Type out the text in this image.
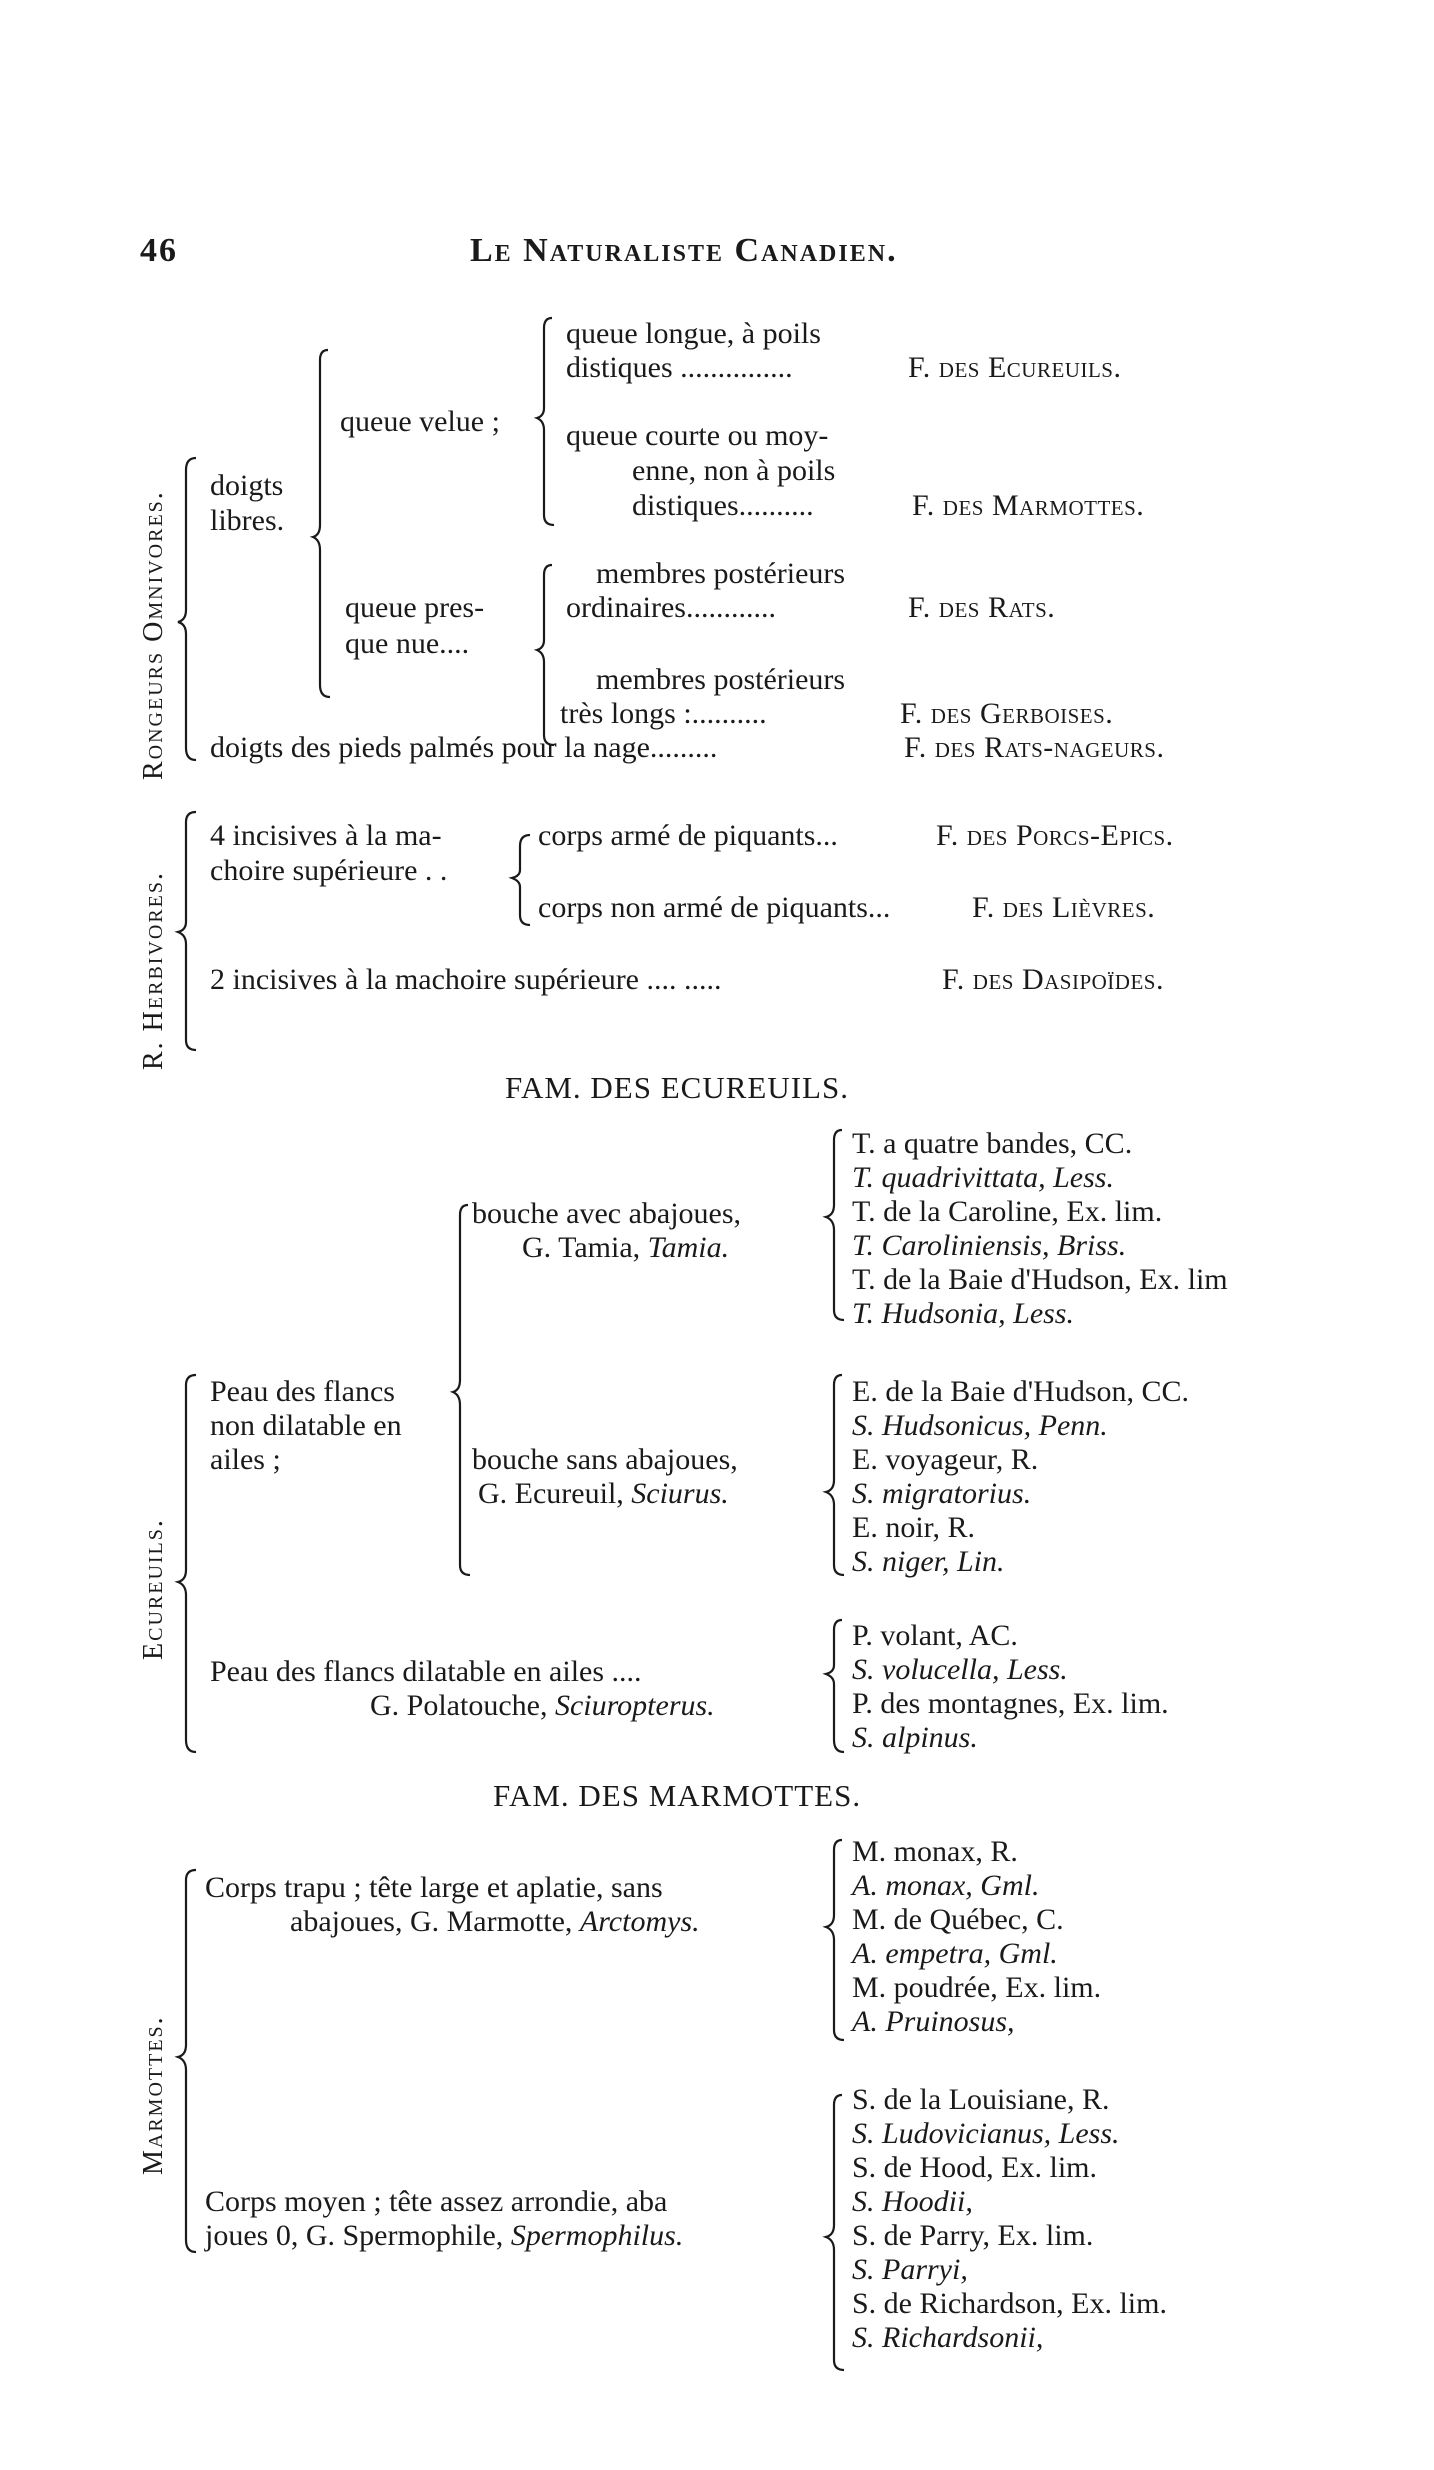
46	Le Naturaliste Canadien.
Rongeurs Omnivores.
R. Herbivores.
Ecureuils.
Marmottes.
doigts
libres.
queue velue ;
queue longue, à poils
distiques ...............	F. des Ecureuils.
queue courte ou moy-
enne, non à poils
distiques..........	F. des Marmottes.
queue pres-
que nue....
membres postérieurs
ordinaires............	F. des Rats.
membres postérieurs
très longs :..........	F. des Gerboises.
doigts des pieds palmés pour la nage.........	F. des Rats-nageurs.
4 incisives à la ma-
choire supérieure . .
corps armé de piquants...	F. des Porcs-Epics.
corps non armé de piquants...	F. des Lièvres.
2 incisives à la machoire supérieure .... .....	F. des Dasipoïdes.
FAM. DES ECUREUILS.
bouche avec abajoues,
G. Tamia, Tamia.
T. a quatre bandes, CC.
T. quadrivittata, Less.
T. de la Caroline, Ex. lim.
T. Caroliniensis, Briss.
T. de la Baie d'Hudson, Ex. lim
T. Hudsonia, Less.
Peau des flancs
non dilatable en
ailes ;	bouche sans abajoues,
G. Ecureuil, Sciurus.
E. de la Baie d'Hudson, CC.
S. Hudsonicus, Penn.
E. voyageur, R.
S. migratorius.
E. noir, R.
S. niger, Lin.
Peau des flancs dilatable en ailes ....
G. Polatouche, Sciuropterus.
P. volant, AC.
S. volucella, Less.
P. des montagnes, Ex. lim.
S. alpinus.
FAM. DES MARMOTTES.
Corps trapu ; tête large et aplatie, sans
abajoues, G. Marmotte, Arctomys.
M. monax, R.
A. monax, Gml.
M. de Québec, C.
A. empetra, Gml.
M. poudrée, Ex. lim.
A. Pruinosus,
Corps moyen ; tête assez arrondie, aba
joues 0, G. Spermophile, Spermophilus.
S. de la Louisiane, R.
S. Ludovicianus, Less.
S. de Hood, Ex. lim.
S. Hoodii,
S. de Parry, Ex. lim.
S. Parryi,
S. de Richardson, Ex. lim.
S. Richardsonii,
